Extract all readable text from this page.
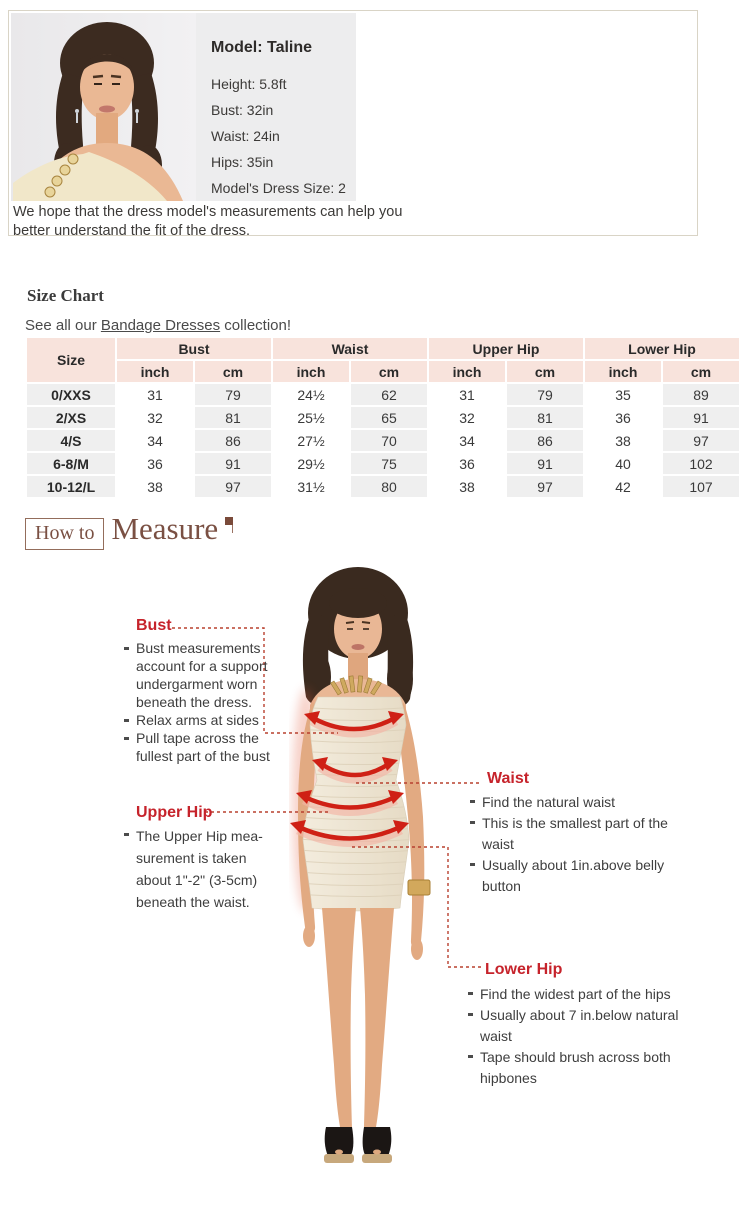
Model: Taline
Height: 5.8ft
Bust: 32in
Waist: 24in
Hips: 35in
Model's Dress Size: 2
We hope that the dress model's measurements can help you better understand the fit of the dress.
Size Chart
See all our Bandage Dresses collection!
Size	Bust		Waist		Upper Hip		Lower Hip	
	inch	cm	inch	cm	inch	cm	inch	cm
0/XXS	31	79	24½	62	31	79	35	89
2/XS	32	81	25½	65	32	81	36	91
4/S	34	86	27½	70	34	86	38	97
6-8/M	36	91	29½	75	36	91	40	102
10-12/L	38	97	31½	80	38	97	42	107
How to Measure
Bust
Bust measurements account for a support undergarment worn beneath the dress.
Relax arms at sides
Pull tape across the fullest part of the bust
Upper Hip
The Upper Hip mea-surement is taken about 1"-2" (3-5cm) beneath the waist.
Waist
Find the natural waist
This is the smallest part of the waist
Usually about 1in.above belly button
Lower Hip
Find the widest part of the hips
Usually about 7 in.below natural waist
Tape should brush across both hipbones
